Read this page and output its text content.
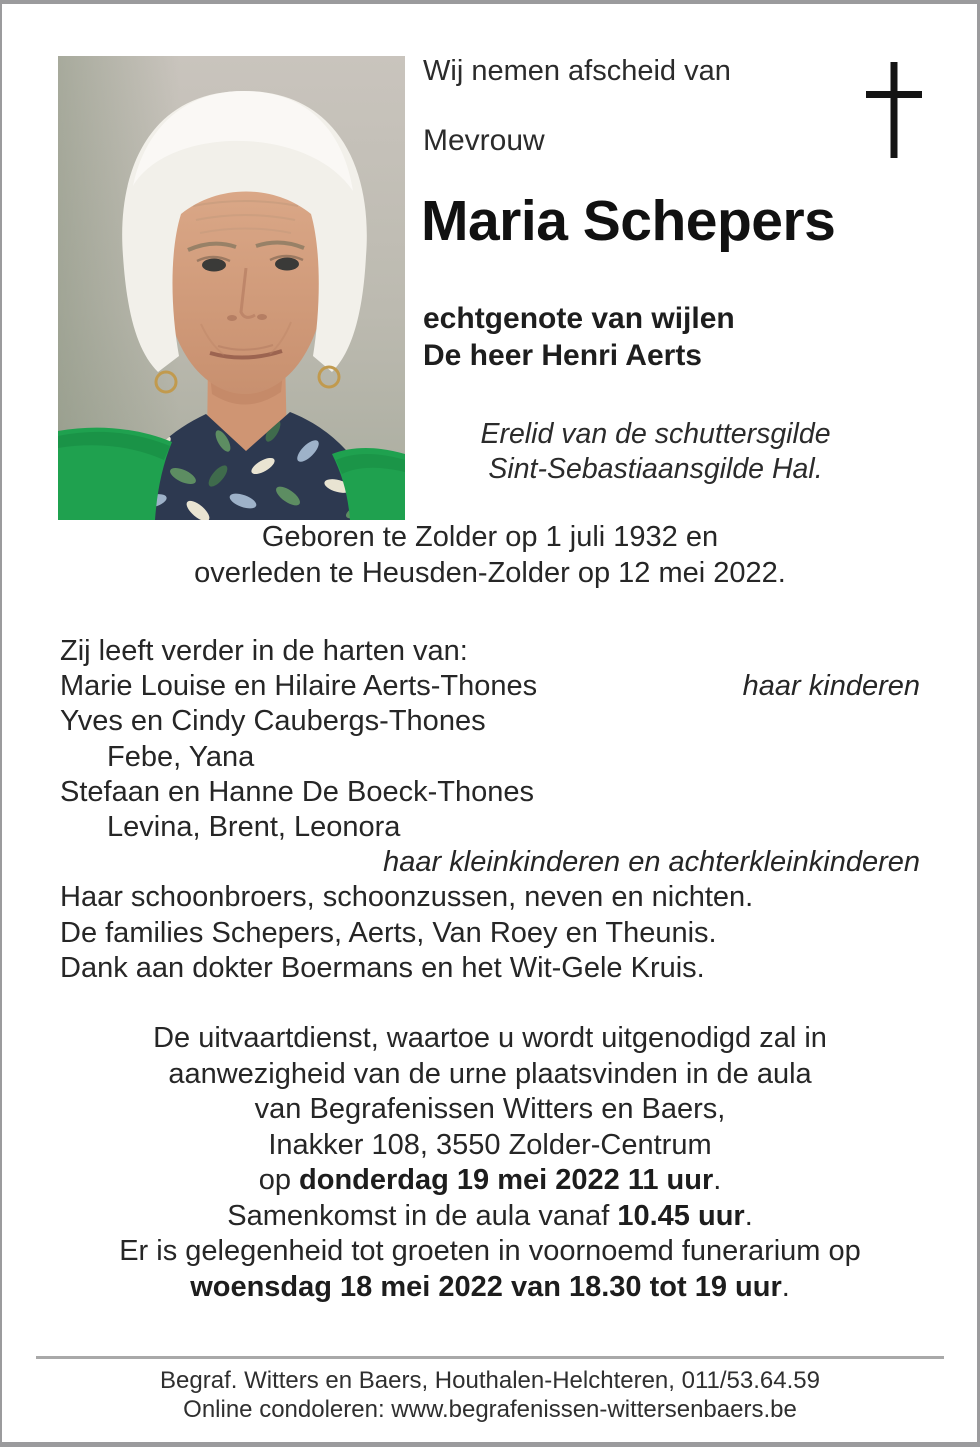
Wij nemen afscheid van
Mevrouw
Maria Schepers
echtgenote van wijlen
De heer Henri Aerts
Erelid van de schuttersgilde
Sint-Sebastiaansgilde Hal.
Geboren te Zolder op 1 juli 1932 en
overleden te Heusden-Zolder op 12 mei 2022.
Zij leeft verder in de harten van:
Marie Louise en Hilaire Aerts-Thones	haar kinderen
Yves en Cindy Caubergs-Thones
Febe, Yana
Stefaan en Hanne De Boeck-Thones
Levina, Brent, Leonora
haar kleinkinderen en achterkleinkinderen
Haar schoonbroers, schoonzussen, neven en nichten.
De families Schepers, Aerts, Van Roey en Theunis.
Dank aan dokter Boermans en het Wit-Gele Kruis.
De uitvaartdienst, waartoe u wordt uitgenodigd zal in
aanwezigheid van de urne plaatsvinden in de aula
van Begrafenissen Witters en Baers,
Inakker 108, 3550 Zolder-Centrum
op donderdag 19 mei 2022 11 uur.
Samenkomst in de aula vanaf 10.45 uur.
Er is gelegenheid tot groeten in voornoemd funerarium op
woensdag 18 mei 2022 van 18.30 tot 19 uur.
Begraf. Witters en Baers, Houthalen-Helchteren, 011/53.64.59
Online condoleren: www.begrafenissen-wittersenbaers.be
